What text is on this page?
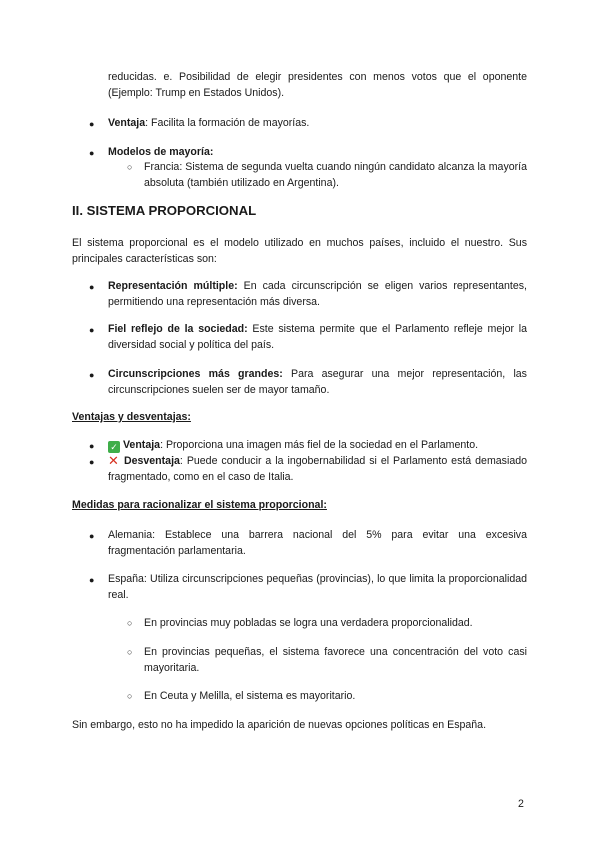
reducidas. e. Posibilidad de elegir presidentes con menos votos que el oponente (Ejemplo: Trump en Estados Unidos).

● Ventaja: Facilita la formación de mayorías.

● Modelos de mayoría:

○ Francia: Sistema de segunda vuelta cuando ningún candidato alcanza la mayoría absoluta (también utilizado en Argentina).

II. SISTEMA PROPORCIONAL

El sistema proporcional es el modelo utilizado en muchos países, incluido el nuestro. Sus principales características son:

● Representación múltiple: En cada circunscripción se eligen varios representantes, permitiendo una representación más diversa.

● Fiel reflejo de la sociedad: Este sistema permite que el Parlamento refleje mejor la diversidad social y política del país.

● Circunscripciones más grandes: Para asegurar una mejor representación, las circunscripciones suelen ser de mayor tamaño.

Ventajas y desventajas:

● ✓ Ventaja: Proporciona una imagen más fiel de la sociedad en el Parlamento.

● ✕ Desventaja: Puede conducir a la ingobernabilidad si el Parlamento está demasiado fragmentado, como en el caso de Italia.

Medidas para racionalizar el sistema proporcional:

● Alemania: Establece una barrera nacional del 5% para evitar una excesiva fragmentación parlamentaria.

● España: Utiliza circunscripciones pequeñas (provincias), lo que limita la proporcionalidad real.

○ En provincias muy pobladas se logra una verdadera proporcionalidad.

○ En provincias pequeñas, el sistema favorece una concentración del voto casi mayoritaria.

○ En Ceuta y Melilla, el sistema es mayoritario.

Sin embargo, esto no ha impedido la aparición de nuevas opciones políticas en España.

2
